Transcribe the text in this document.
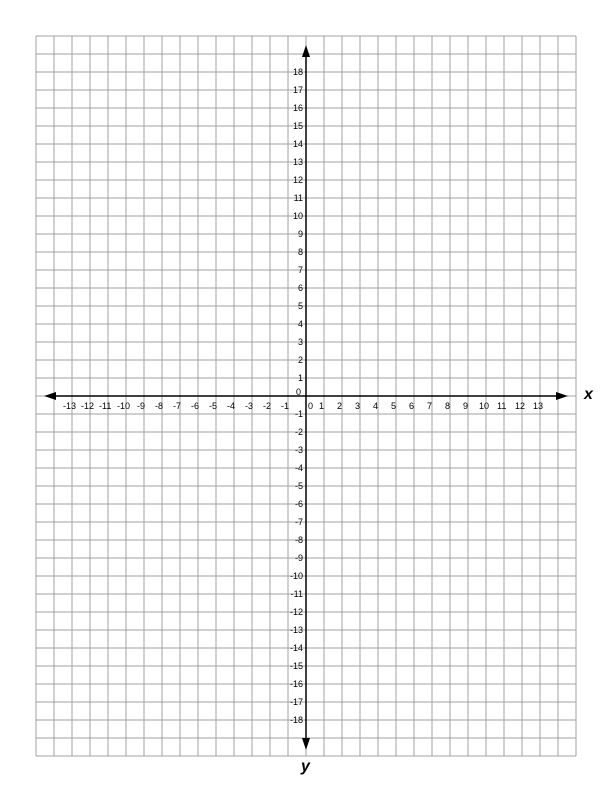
-13 -12 -11 -10 -9 -8 -7 -6 -5 -4 -3 -2 -1 0 1 2 3 4 5 6 7 8 9 10 11 12 13
18
17
16
15
14
13
12
11
10
9
8
7
6
5
4
3
2
1
0
-1
-2
-3
-4
-5
-6
-7
-8
-9
-10
-11
-12
-13
-14
-15
-16
-17
-18
x
y
